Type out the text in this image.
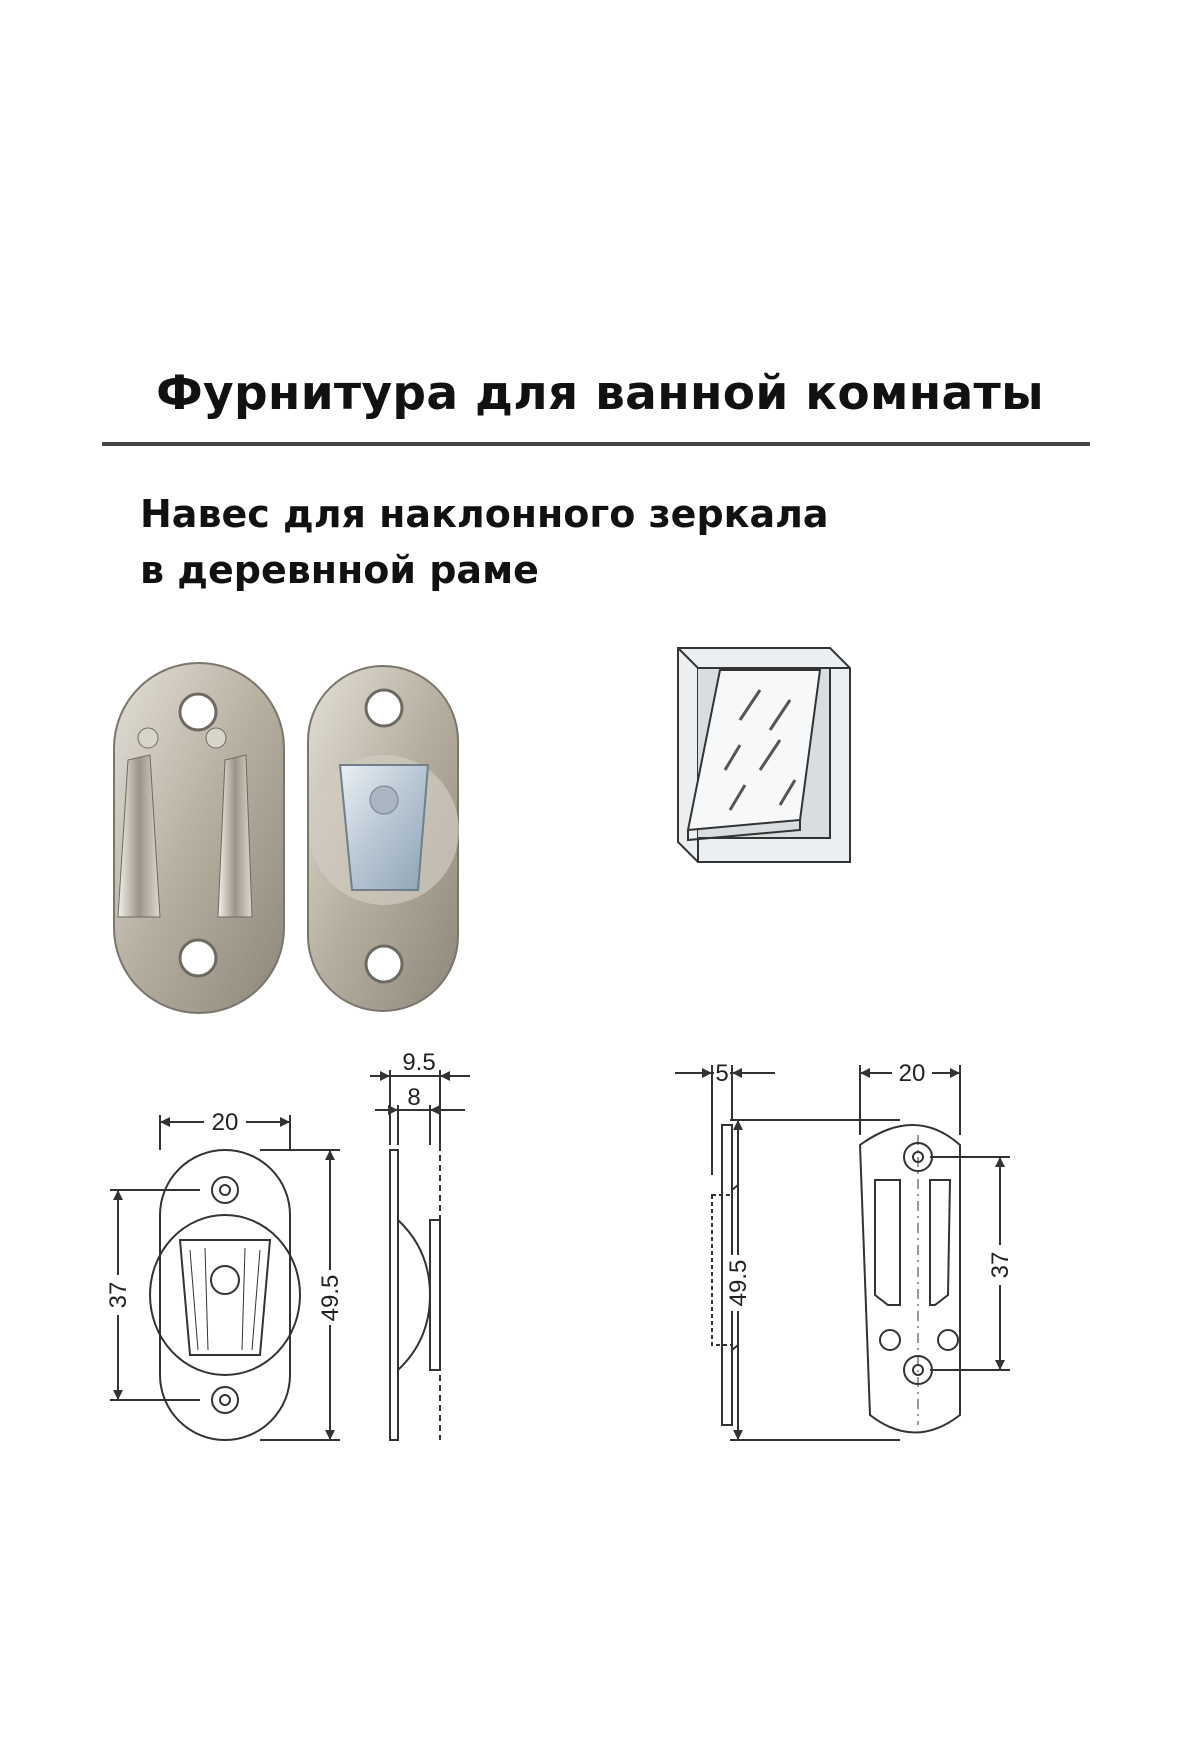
Фурнитура для ванной комнаты
Навес для наклонного зеркала
в деревнной раме
20
37	49.5
9.5
8
5	20
49.5	37
